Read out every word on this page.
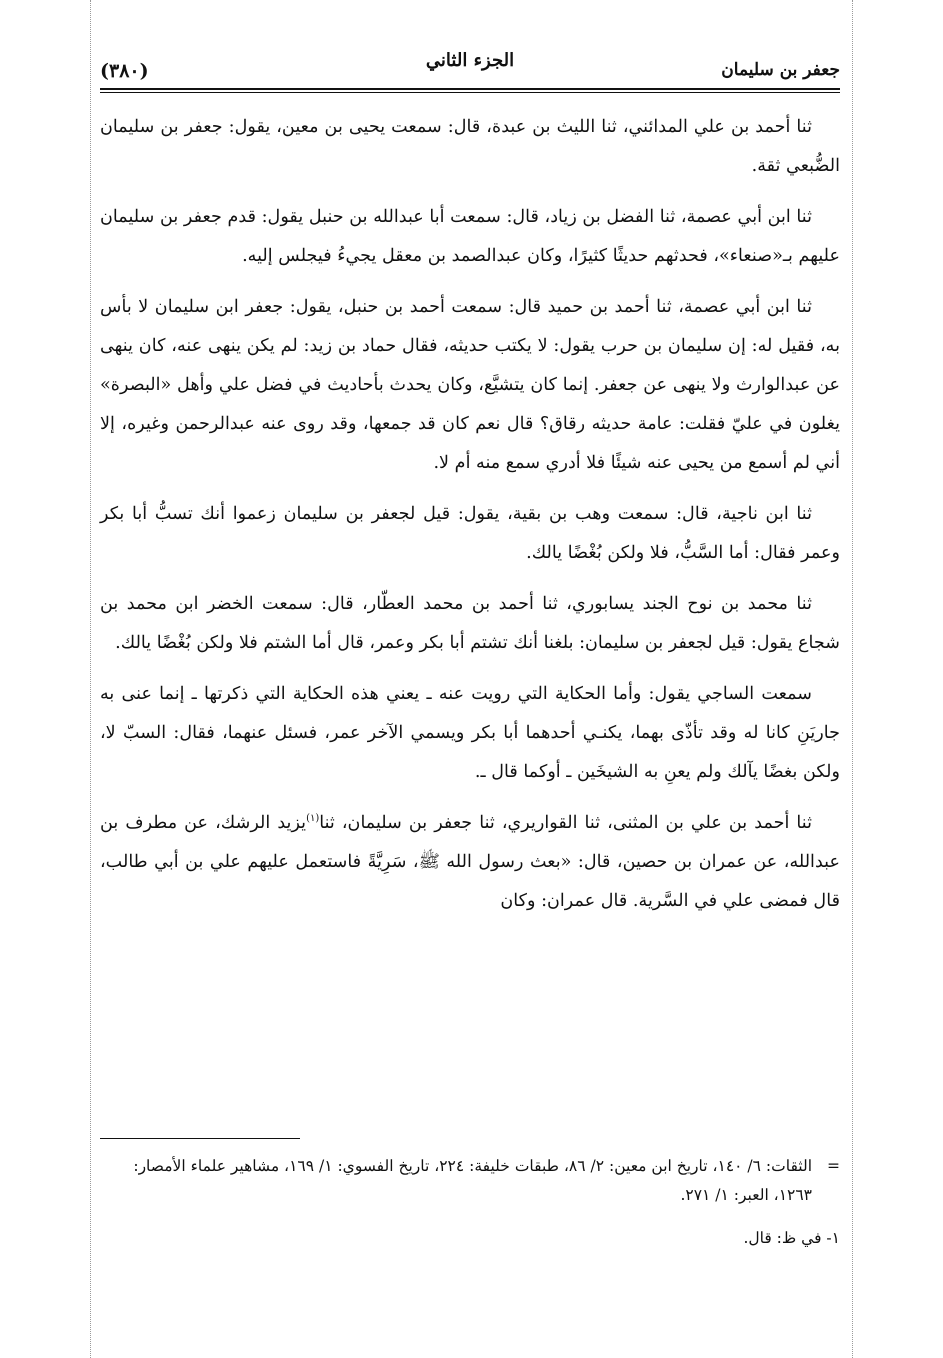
جعفر بن سليمان
الجزء الثاني
(٣٨٠)

ثنا أحمد بن علي المدائني، ثنا الليث بن عبدة، قال: سمعت يحيى بن معين، يقول: جعفر بن سليمان الضُّبعي ثقة.

ثنا ابن أبي عصمة، ثنا الفضل بن زياد، قال: سمعت أبا عبدالله بن حنبل يقول: قدم جعفر بن سليمان عليهم بـ«صنعاء»، فحدثهم حديثًا كثيرًا، وكان عبدالصمد بن معقل يجيءُ فيجلس إليه.

ثنا ابن أبي عصمة، ثنا أحمد بن حميد قال: سمعت أحمد بن حنبل، يقول: جعفر ابن سليمان لا بأس به، فقيل له: إن سليمان بن حرب يقول: لا يكتب حديثه، فقال حماد بن زيد: لم يكن ينهى عنه، كان ينهى عن عبدالوارث ولا ينهى عن جعفر. إنما كان يتشيَّع، وكان يحدث بأحاديث في فضل علي وأهل «البصرة» يغلون في عليّ فقلت: عامة حديثه رقاق؟ قال نعم كان قد جمعها، وقد روى عنه عبدالرحمن وغيره، إلا أني لم أسمع من يحيى عنه شيئًا فلا أدري سمع منه أم لا.

ثنا ابن ناجية، قال: سمعت وهب بن بقية، يقول: قيل لجعفر بن سليمان زعموا أنك تسبُّ أبا بكر وعمر فقال: أما السَّبُّ، فلا ولكن بُغْضًا يالك.

ثنا محمد بن نوح الجند يسابوري، ثنا أحمد بن محمد العطّار، قال: سمعت الخضر ابن محمد بن شجاع يقول: قيل لجعفر بن سليمان: بلغنا أنك تشتم أبا بكر وعمر، قال أما الشتم فلا ولكن بُغْضًا يالك.

سمعت الساجي يقول: وأما الحكاية التي رويت عنه ـ يعني هذه الحكاية التي ذكرتها ـ إنما عنى به جاريَنِ كانا له وقد تأذّى بهما، يكنـي أحدهما أبا بكر ويسمي الآخر عمر، فسئل عنهما، فقال: السبّ لا، ولكن بغضًا يآلك ولم يعنِ به الشيخَين ـ أوكما قال ـ.

ثنا أحمد بن علي بن المثنى، ثنا القواريري، ثنا جعفر بن سليمان، ثنا$^{(١)}$يزيد الرشك، عن مطرف بن عبدالله، عن عمران بن حصين، قال: «بعث رسول الله ﷺ، سَرِيَّةً فاستعمل عليهم علي بن أبي طالب، قال فمضى علي في السَّرية. قال عمران: وكان

=
الثقات: ٦/ ١٤٠، تاريخ ابن معين: ٢/ ٨٦، طبقات خليفة: ٢٢٤، تاريخ الفسوي: ١/ ١٦٩، مشاهير علماء الأمصار: ١٢٦٣، العبر: ١/ ٢٧١.

١- في ظ: قال.
